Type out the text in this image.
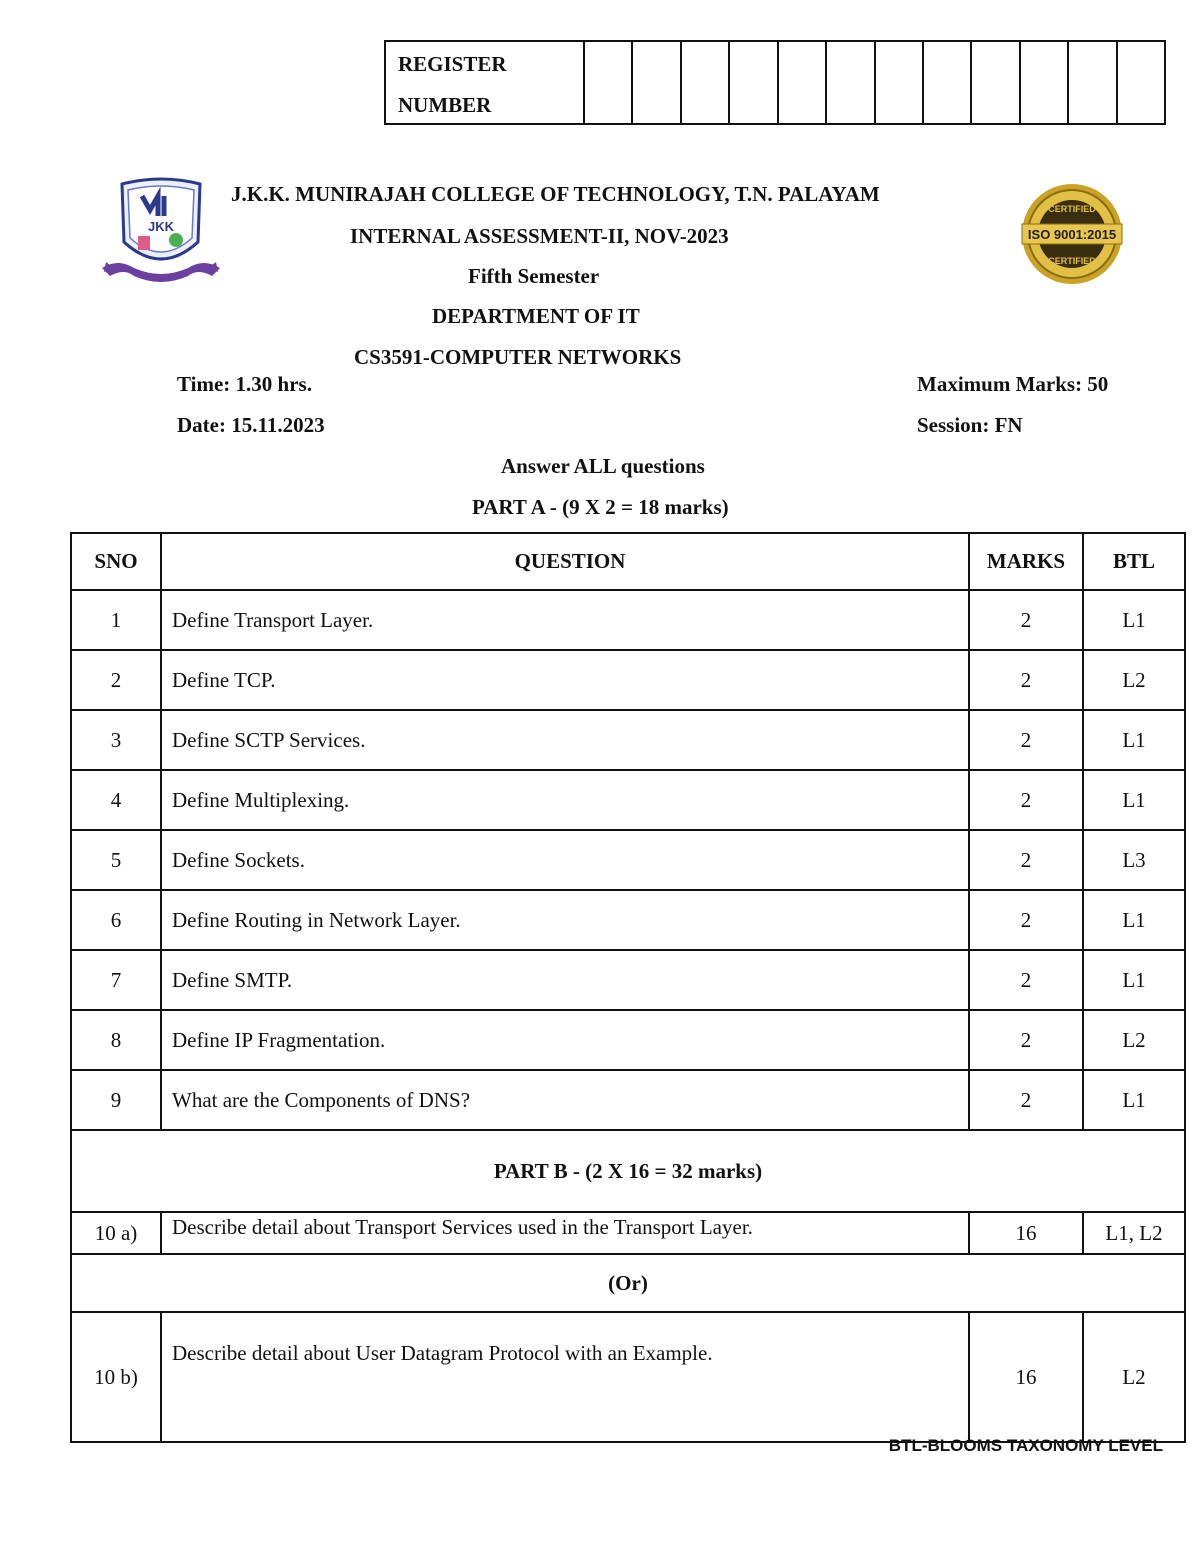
REGISTER
NUMBER
JKK
ISO 9001:2015
CERTIFIED
CERTIFIED
J.K.K. MUNIRAJAH COLLEGE OF TECHNOLOGY, T.N. PALAYAM
INTERNAL ASSESSMENT-II, NOV-2023
Fifth Semester
DEPARTMENT OF IT
CS3591-COMPUTER NETWORKS
Time: 1.30 hrs.	Maximum Marks: 50
Date: 15.11.2023	Session: FN
Answer ALL questions
PART A - (9 X 2 = 18 marks)
SNO	QUESTION	MARKS	BTL
1	Define Transport Layer.	2	L1
2	Define TCP.	2	L2
3	Define SCTP Services.	2	L1
4	Define Multiplexing.	2	L1
5	Define Sockets.	2	L3
6	Define Routing in Network Layer.	2	L1
7	Define SMTP.	2	L1
8	Define IP Fragmentation.	2	L2
9	What are the Components of DNS?	2	L1
PART B - (2 X 16 = 32 marks)			
10 a)	Describe detail about Transport Services used in the Transport Layer.	16	L1, L2
(Or)			
10 b)	Describe detail about User Datagram Protocol with an Example.	16	L2
BTL-BLOOMS TAXONOMY LEVEL
